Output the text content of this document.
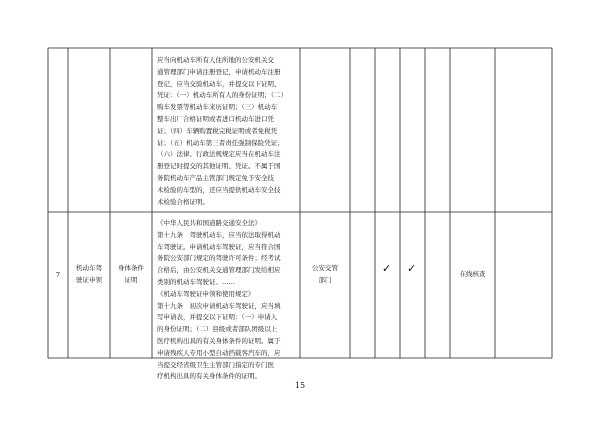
应当向机动车所有人住所地的公安机关交
通管理部门申请注册登记，申请机动车注册
登记，应当交验机动车，并提交以下证明、
凭证：（一）机动车所有人的身份证明；（二）
购车发票等机动车来历证明；（三）机动车
整车出厂合格证明或者进口机动车进口凭
证；（四）车辆购置税完税证明或者免税凭
证；（五）机动车第三者责任强制保险凭证；
（六）法律、行政法规规定应当在机动车注
册登记时提交的其他证明、凭证。不属于国
务院机动车产品主管部门规定免予安全技
术检验的车型的，还应当提供机动车安全技
术检验合格证明。
7
机动车驾
驶证申领
身体条件
证明
《中华人民共和国道路交通安全法》
第十九条　驾驶机动车，应当依法取得机动
车驾驶证。申请机动车驾驶证，应当符合国
务院公安部门规定的驾驶许可条件；经考试
合格后，由公安机关交通管理部门发给相应
类别的机动车驾驶证。……
《机动车驾驶证申领和使用规定》
第十九条　初次申请机动车驾驶证，应当填
写申请表，并提交以下证明：（一）申请人
的身份证明；（二）县级或者部队团级以上
医疗机构出具的有关身体条件的证明。属于
申请残疾人专用小型自动挡载客汽车的，应
当提交经省级卫生主管部门指定的专门医
疗机构出具的有关身体条件的证明。
公安交管
部门
✓ ✓	在线核查
15
